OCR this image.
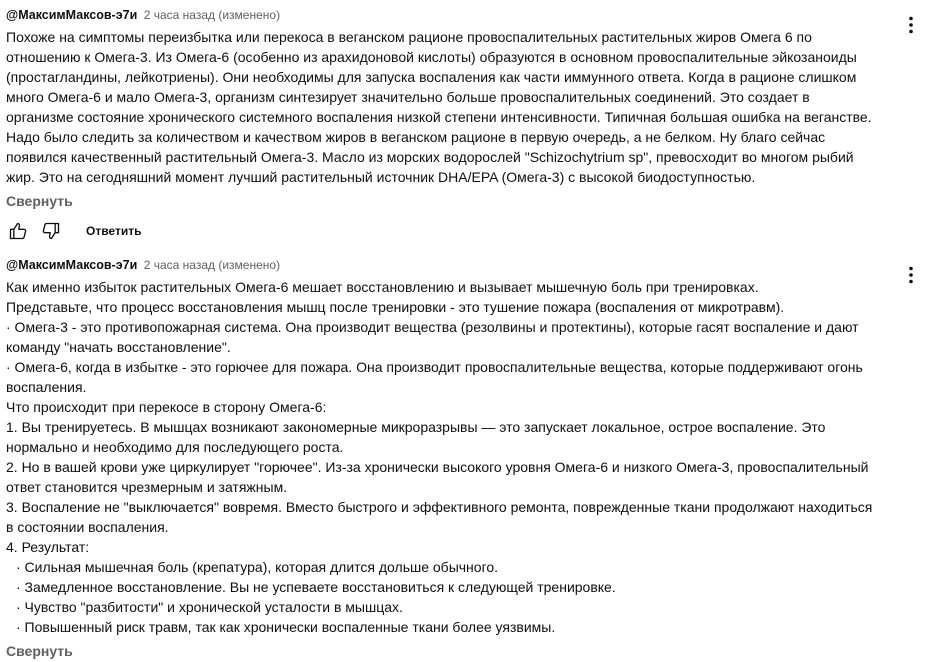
@МаксимМаксов-э7и 2 часа назад (изменено)
Похоже на симптомы переизбытка или перекоса в веганском рационе провоспалительных растительных жиров Омега 6 по
отношению к Омега-3. Из Омега-6 (особенно из арахидоновой кислоты) образуются в основном провоспалительные эйкозаноиды
(простагландины, лейкотриены). Они необходимы для запуска воспаления как части иммунного ответа. Когда в рационе слишком
много Омега-6 и мало Омега-3, организм синтезирует значительно больше провоспалительных соединений. Это создает в
организме состояние хронического системного воспаления низкой степени интенсивности. Типичная большая ошибка на веганстве.
Надо было следить за количеством и качеством жиров в веганском рационе в первую очередь, а не белком. Ну благо сейчас
появился качественный растительный Омега-3. Масло из морских водорослей "Schizochytrium sp", превосходит во многом рыбий
жир. Это на сегодняшний момент лучший растительный источник DHA/EPA (Омега-3) с высокой биодоступностью.
Свернуть
Ответить
@МаксимМаксов-э7и 2 часа назад (изменено)
Как именно избыток растительных Омега-6 мешает восстановлению и вызывает мышечную боль при тренировках.
Представьте, что процесс восстановления мышц после тренировки - это тушение пожара (воспаления от микротравм).
· Омега-3 - это противопожарная система. Она производит вещества (резолвины и протектины), которые гасят воспаление и дают
команду "начать восстановление".
· Омега-6, когда в избытке - это горючее для пожара. Она производит провоспалительные вещества, которые поддерживают огонь
воспаления.
Что происходит при перекосе в сторону Омега-6:
1. Вы тренируетесь. В мышцах возникают закономерные микроразрывы — это запускает локальное, острое воспаление. Это
нормально и необходимо для последующего роста.
2. Но в вашей крови уже циркулирует "горючее". Из-за хронически высокого уровня Омега-6 и низкого Омега-3, провоспалительный
ответ становится чрезмерным и затяжным.
3. Воспаление не "выключается" вовремя. Вместо быстрого и эффективного ремонта, поврежденные ткани продолжают находиться
в состоянии воспаления.
4. Результат:
· Сильная мышечная боль (крепатура), которая длится дольше обычного.
· Замедленное восстановление. Вы не успеваете восстановиться к следующей тренировке.
· Чувство "разбитости" и хронической усталости в мышцах.
· Повышенный риск травм, так как хронически воспаленные ткани более уязвимы.
Свернуть
